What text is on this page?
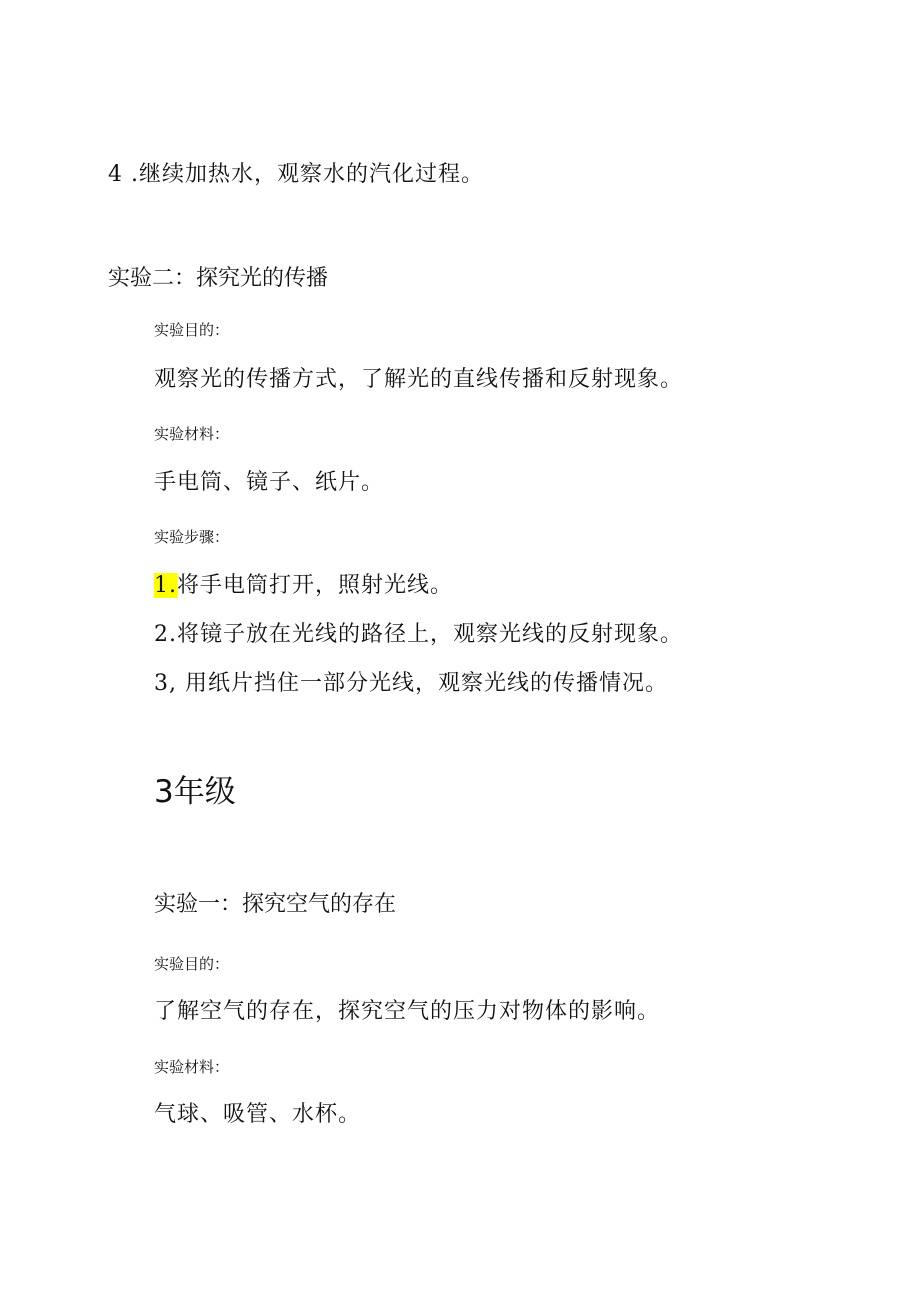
4 .继续加热水，观察水的汽化过程。
实验二：探究光的传播
实验目的：
观察光的传播方式，了解光的直线传播和反射现象。
实验材料：
手电筒、镜子、纸片。
实验步骤：
1.将手电筒打开，照射光线。
2.将镜子放在光线的路径上，观察光线的反射现象。
3, 用纸片挡住一部分光线，观察光线的传播情况。
3年级
实验一：探究空气的存在
实验目的：
了解空气的存在，探究空气的压力对物体的影响。
实验材料：
气球、吸管、水杯。
